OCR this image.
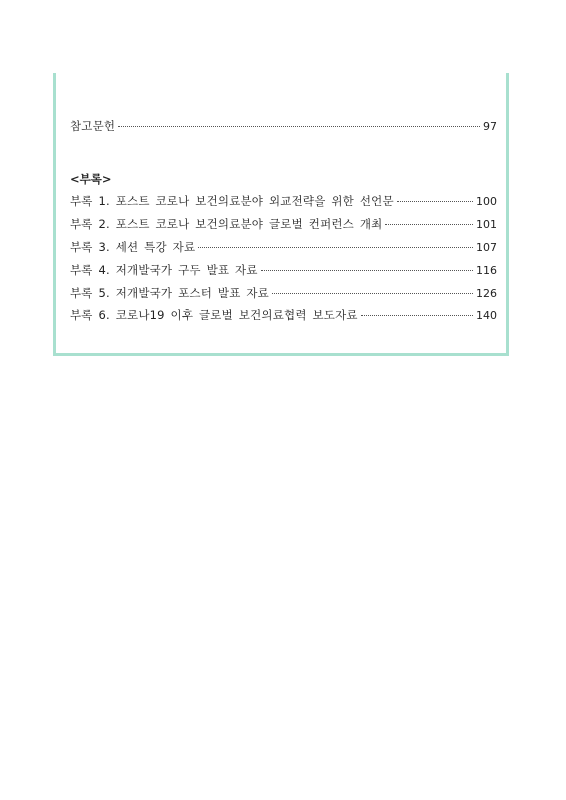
참고문헌	97
<부록>
부록 1. 포스트 코로나 보건의료분야 외교전략을 위한 선언문	100
부록 2. 포스트 코로나 보건의료분야 글로벌 컨퍼런스 개최	101
부록 3. 세션 특강 자료	107
부록 4. 저개발국가 구두 발표 자료	116
부록 5. 저개발국가 포스터 발표 자료	126
부록 6. 코로나19 이후 글로벌 보건의료협력 보도자료	140
